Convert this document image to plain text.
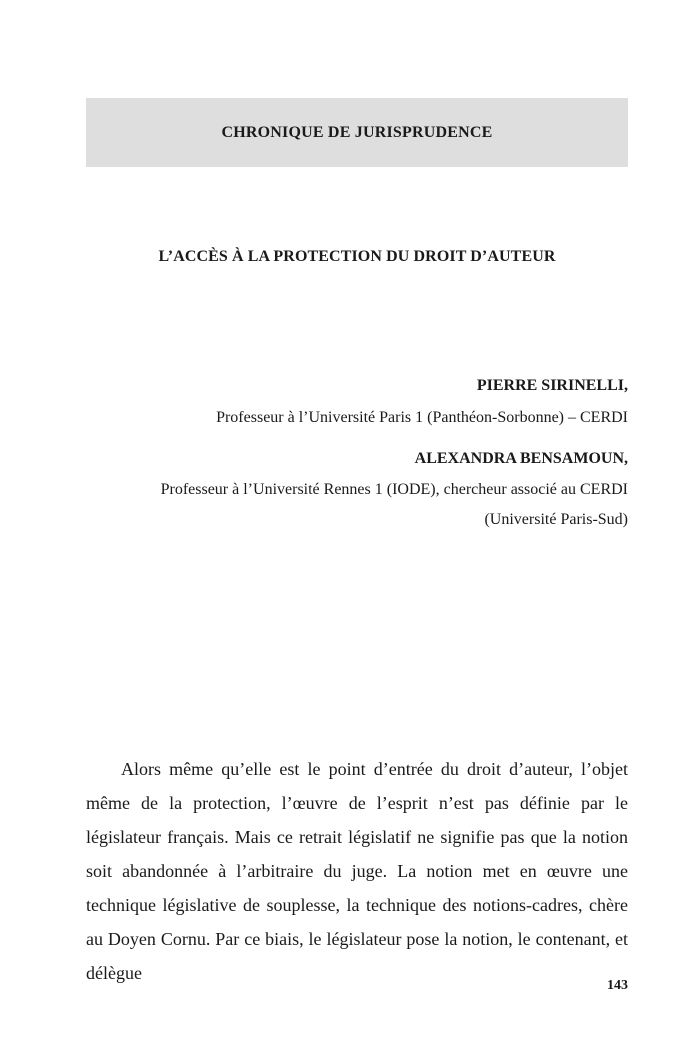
CHRONIQUE DE JURISPRUDENCE
L’ACCÈS À LA PROTECTION DU DROIT D’AUTEUR

PIERRE SIRINELLI,

Professeur à l’Université Paris 1 (Panthéon-Sorbonne) – CERDI

ALEXANDRA BENSAMOUN,

Professeur à l’Université Rennes 1 (IODE), chercheur associé au CERDI

(Université Paris-Sud)

Alors même qu’elle est le point d’entrée du droit d’auteur, l’objet même de la protection, l’œuvre de l’esprit n’est pas définie par le législateur français. Mais ce retrait législatif ne signifie pas que la notion soit abandonnée à l’arbitraire du juge. La notion met en œuvre une technique législative de souplesse, la technique des notions-cadres, chère au Doyen Cornu. Par ce biais, le législateur pose la notion, le contenant, et délègue

143
